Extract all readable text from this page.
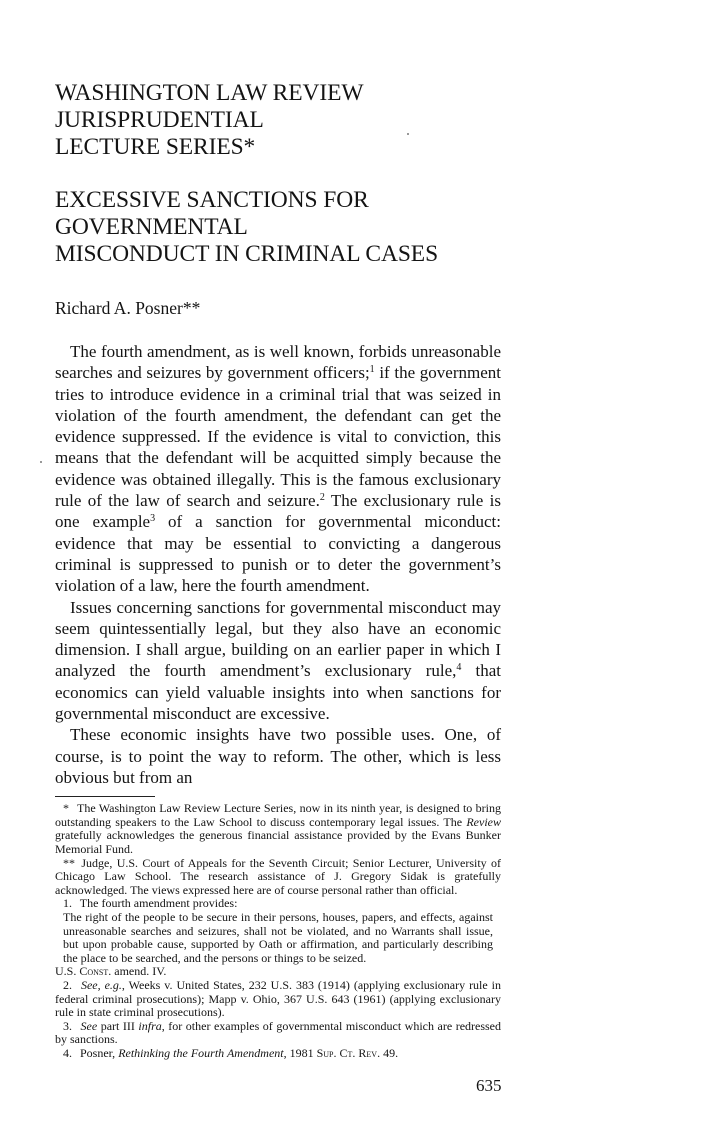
WASHINGTON LAW REVIEW JURISPRUDENTIAL
LECTURE SERIES*
EXCESSIVE SANCTIONS FOR GOVERNMENTAL
MISCONDUCT IN CRIMINAL CASES
Richard A. Posner**

The fourth amendment, as is well known, forbids unreasonable searches and seizures by government officers;$^1$ if the government tries to introduce evidence in a criminal trial that was seized in violation of the fourth amendment, the defendant can get the evidence suppressed. If the evidence is vital to conviction, this means that the defendant will be acquitted simply because the evidence was obtained illegally. This is the famous exclusionary rule of the law of search and seizure.$^2$ The exclusionary rule is one example$^3$ of a sanction for governmental miconduct: evidence that may be essential to convicting a dangerous criminal is suppressed to punish or to deter the government’s violation of a law, here the fourth amendment.

Issues concerning sanctions for governmental misconduct may seem quintessentially legal, but they also have an economic dimension. I shall argue, building on an earlier paper in which I analyzed the fourth amendment’s exclusionary rule,$^4$ that economics can yield valuable insights into when sanctions for governmental misconduct are excessive.

These economic insights have two possible uses. One, of course, is to point the way to reform. The other, which is less obvious but from an

* The Washington Law Review Lecture Series, now in its ninth year, is designed to bring outstanding speakers to the Law School to discuss contemporary legal issues. The Review gratefully acknowledges the generous financial assistance provided by the Evans Bunker Memorial Fund.

** Judge, U.S. Court of Appeals for the Seventh Circuit; Senior Lecturer, University of Chicago Law School. The research assistance of J. Gregory Sidak is gratefully acknowledged. The views expressed here are of course personal rather than official.

1. The fourth amendment provides:

The right of the people to be secure in their persons, houses, papers, and effects, against unreasonable searches and seizures, shall not be violated, and no Warrants shall issue, but upon probable cause, supported by Oath or affirmation, and particularly describing the place to be searched, and the persons or things to be seized.

U.S. Const. amend. IV.

2. See, e.g., Weeks v. United States, 232 U.S. 383 (1914) (applying exclusionary rule in federal criminal prosecutions); Mapp v. Ohio, 367 U.S. 643 (1961) (applying exclusionary rule in state criminal prosecutions).

3. See part III infra, for other examples of governmental misconduct which are redressed by sanctions.

4. Posner, Rethinking the Fourth Amendment, 1981 Sup. Ct. Rev. 49.

635
